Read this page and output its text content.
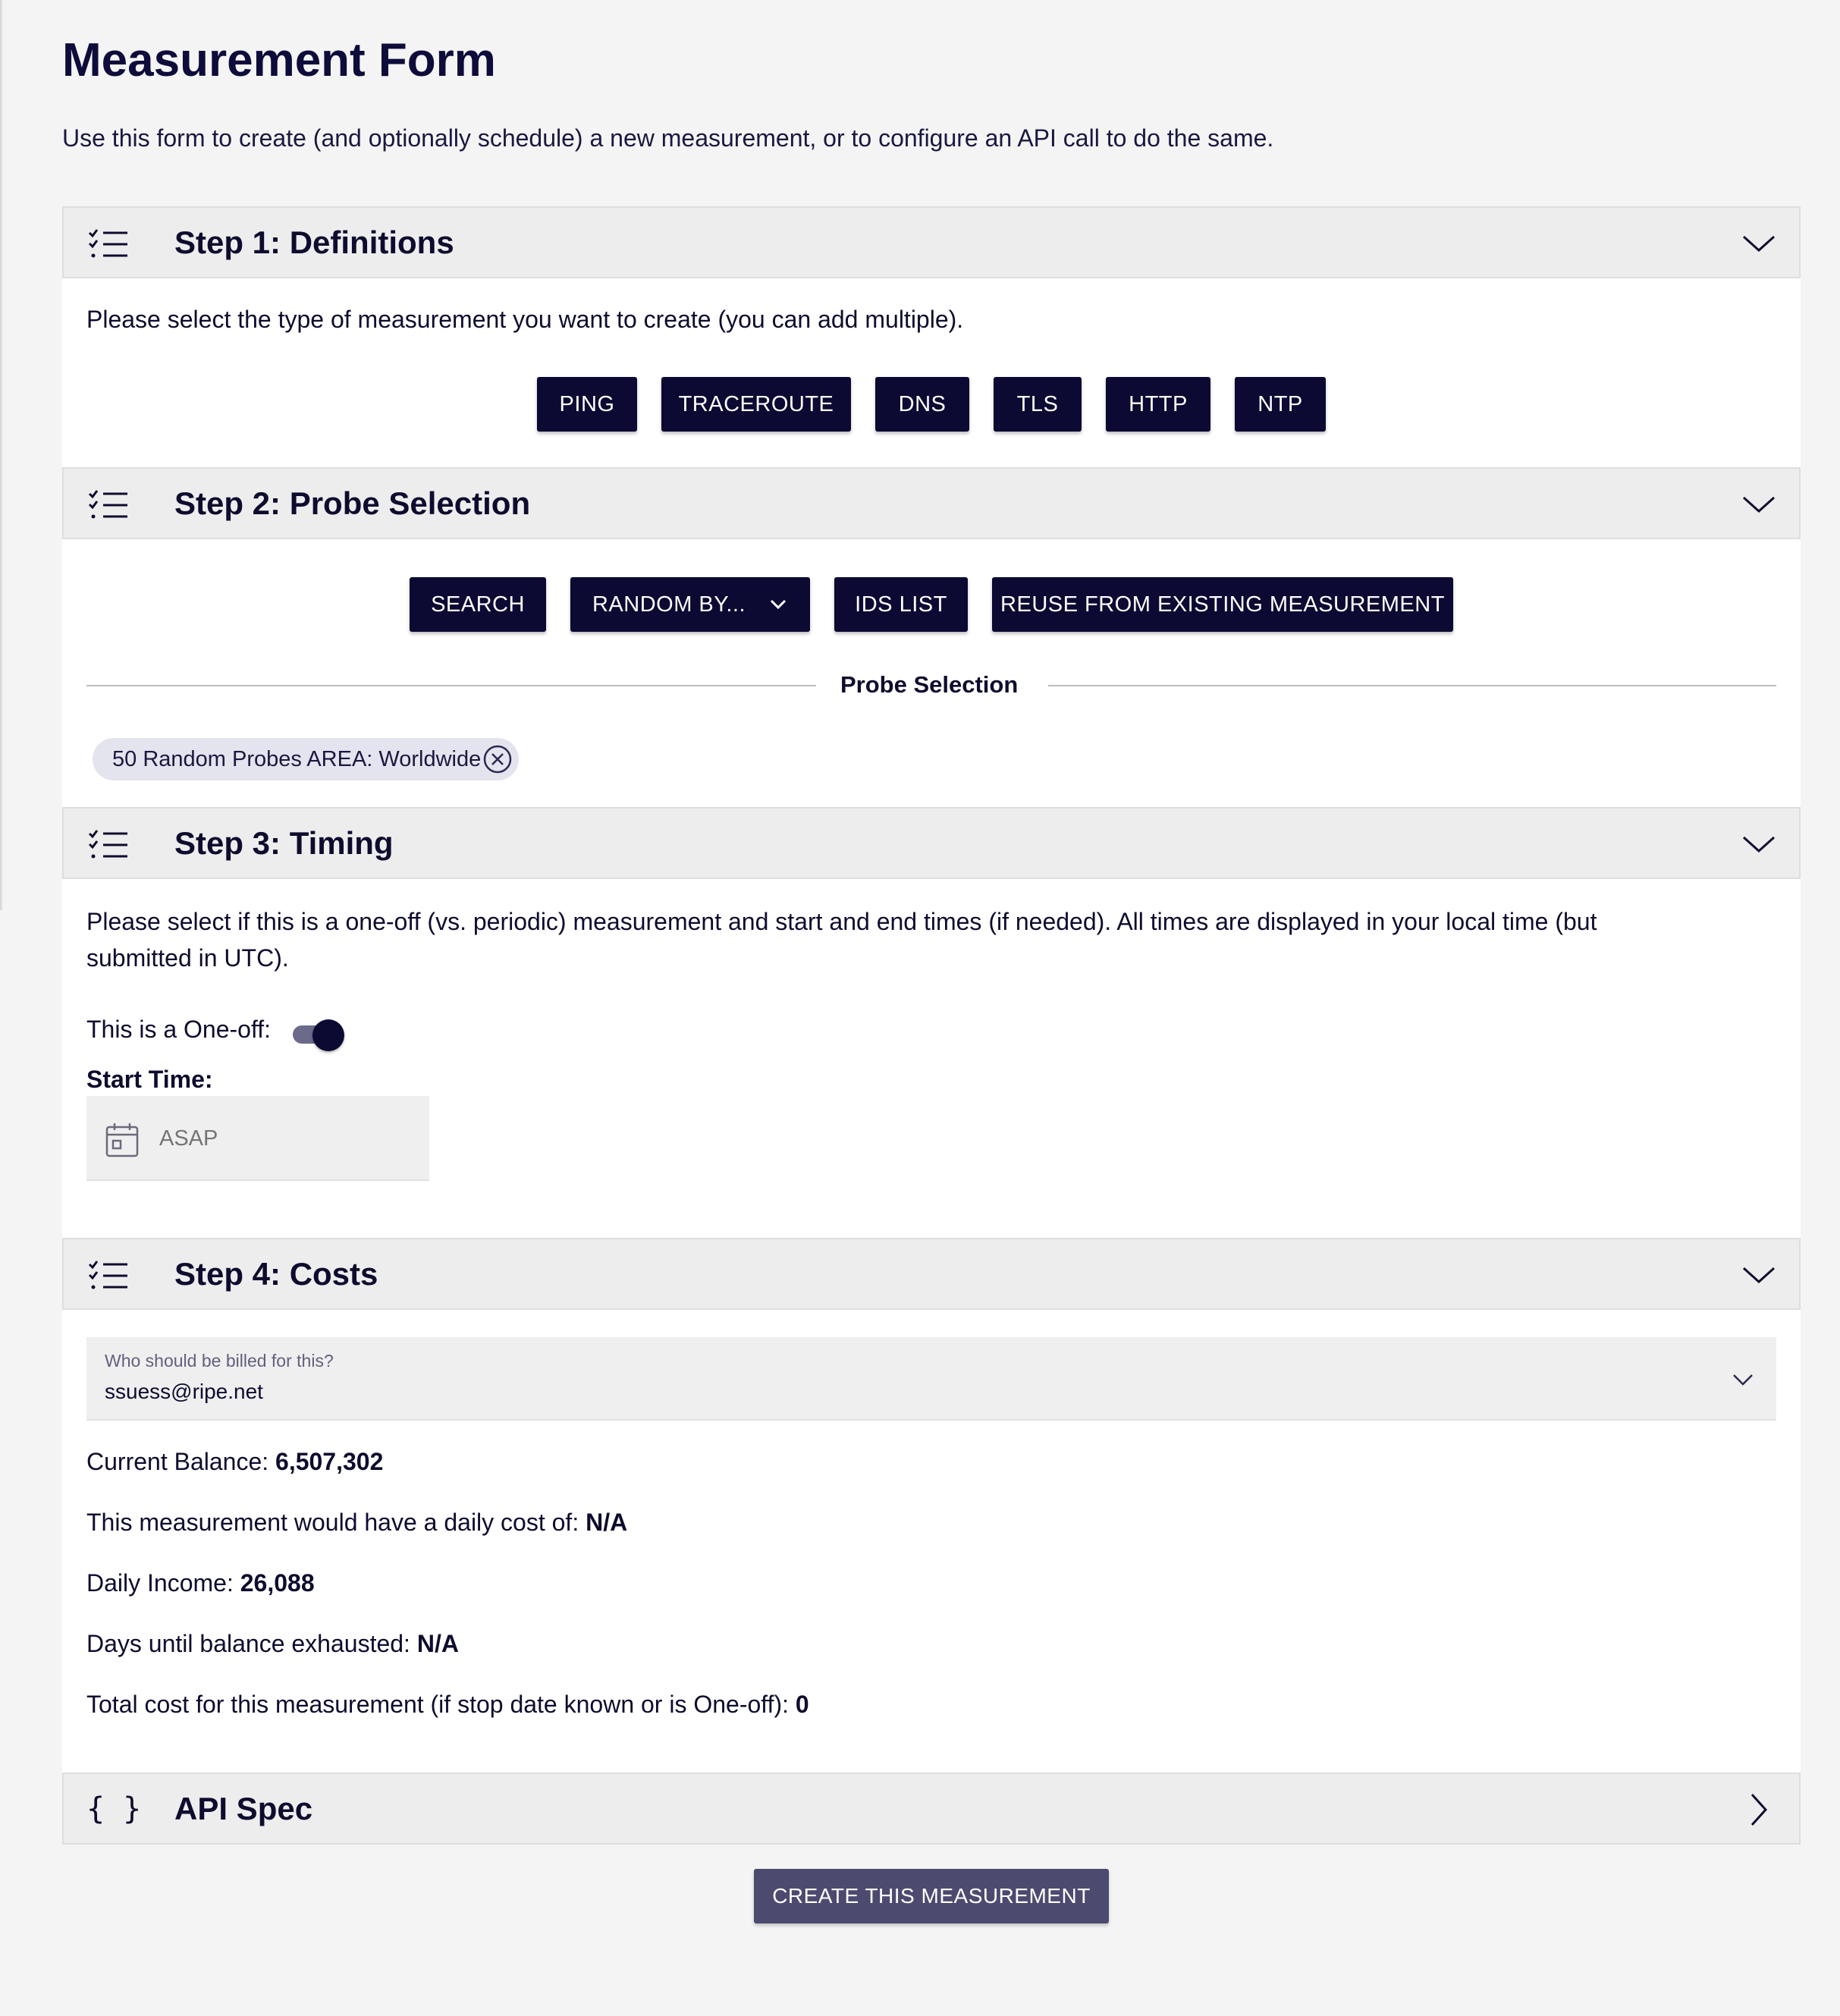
Measurement Form

Use this form to create (and optionally schedule) a new measurement, or to configure an API call to do the same.

Step 1: Definitions
Please select the type of measurement you want to create (you can add multiple).
PING	TRACEROUTE	DNS	TLS	HTTP	NTP
Step 2: Probe Selection
SEARCH	RANDOM BY...	IDS LIST REUSE FROM EXISTING MEASUREMENT
Probe Selection
50 Random Probes AREA: Worldwide
Step 3: Timing
Please select if this is a one-off (vs. periodic) measurement and start and end times (if needed). All times are displayed in your local time (but
submitted in UTC).
This is a One-off:
Start Time:
ASAP
Step 4: Costs
Who should be billed for this?
ssuess@ripe.net
Current Balance: 6,507,302
This measurement would have a daily cost of: N/A
Daily Income: 26,088
Days until balance exhausted: N/A
Total cost for this measurement (if stop date known or is One-off): 0
{ } API Spec
CREATE THIS MEASUREMENT
